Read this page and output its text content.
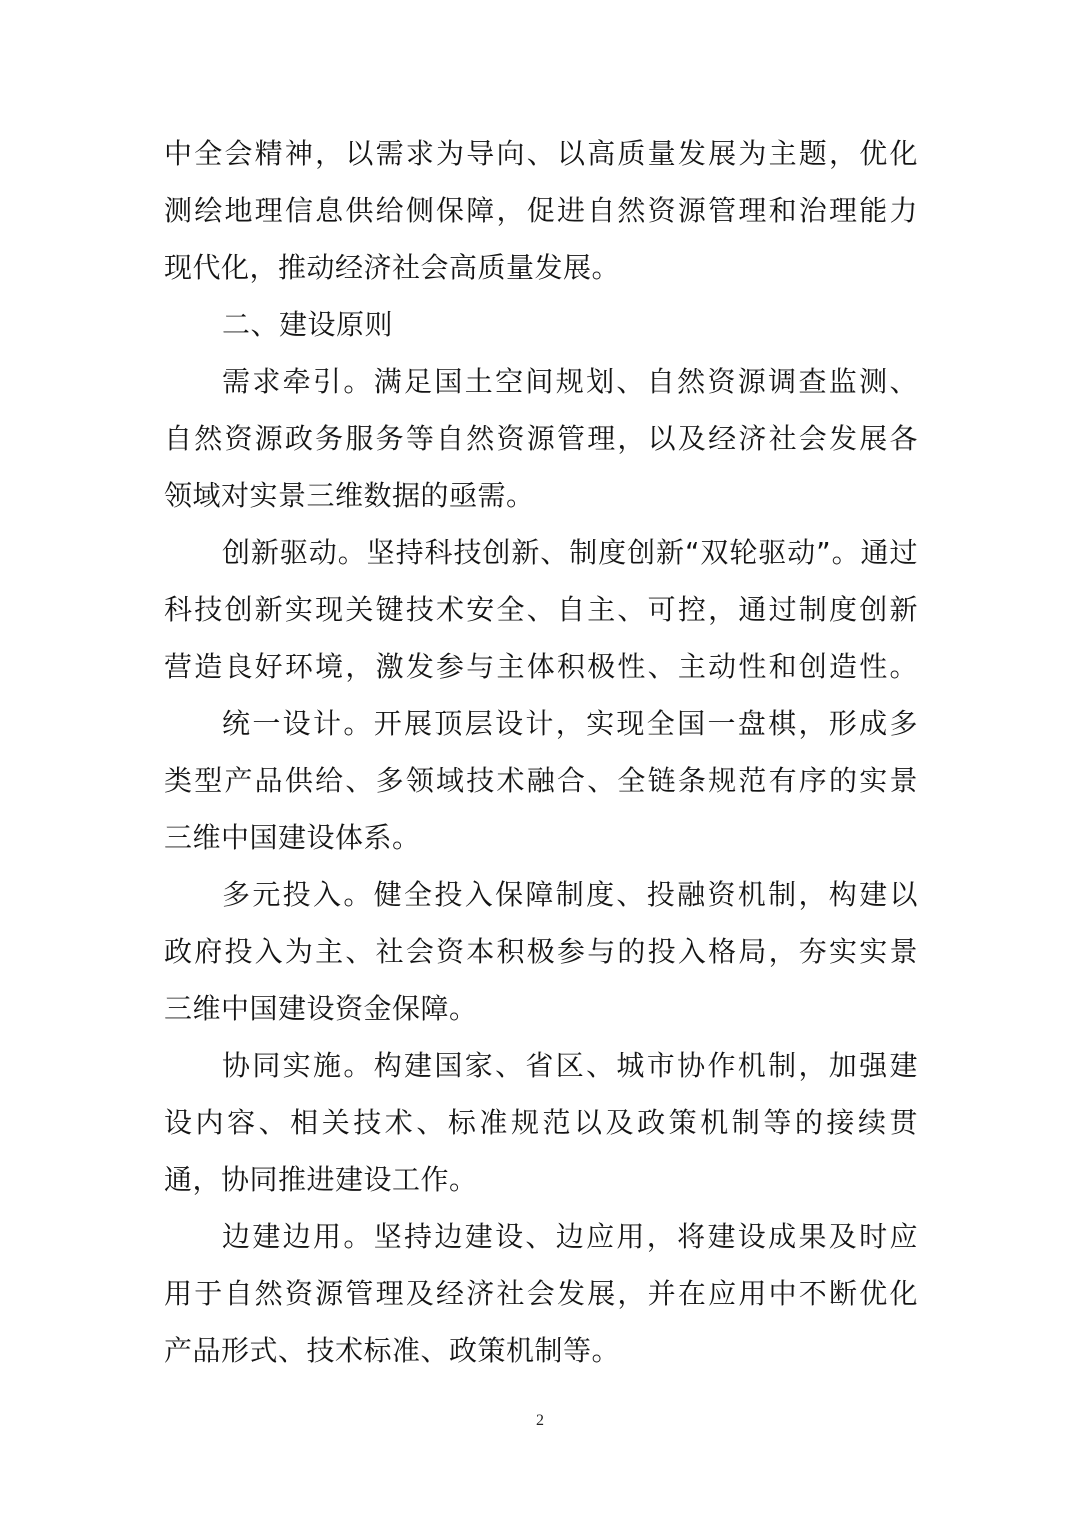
中全会精神，以需求为导向、以高质量发展为主题，优化
测绘地理信息供给侧保障，促进自然资源管理和治理能力
现代化，推动经济社会高质量发展。
二、建设原则
需求牵引。满足国土空间规划、自然资源调查监测、
自然资源政务服务等自然资源管理，以及经济社会发展各
领域对实景三维数据的亟需。
创新驱动。坚持科技创新、制度创新“双轮驱动”。通过
科技创新实现关键技术安全、自主、可控，通过制度创新
营造良好环境，激发参与主体积极性、主动性和创造性。
统一设计。开展顶层设计，实现全国一盘棋，形成多
类型产品供给、多领域技术融合、全链条规范有序的实景
三维中国建设体系。
多元投入。健全投入保障制度、投融资机制，构建以
政府投入为主、社会资本积极参与的投入格局，夯实实景
三维中国建设资金保障。
协同实施。构建国家、省区、城市协作机制，加强建
设内容、相关技术、标准规范以及政策机制等的接续贯
通，协同推进建设工作。
边建边用。坚持边建设、边应用，将建设成果及时应
用于自然资源管理及经济社会发展，并在应用中不断优化
产品形式、技术标准、政策机制等。
2
